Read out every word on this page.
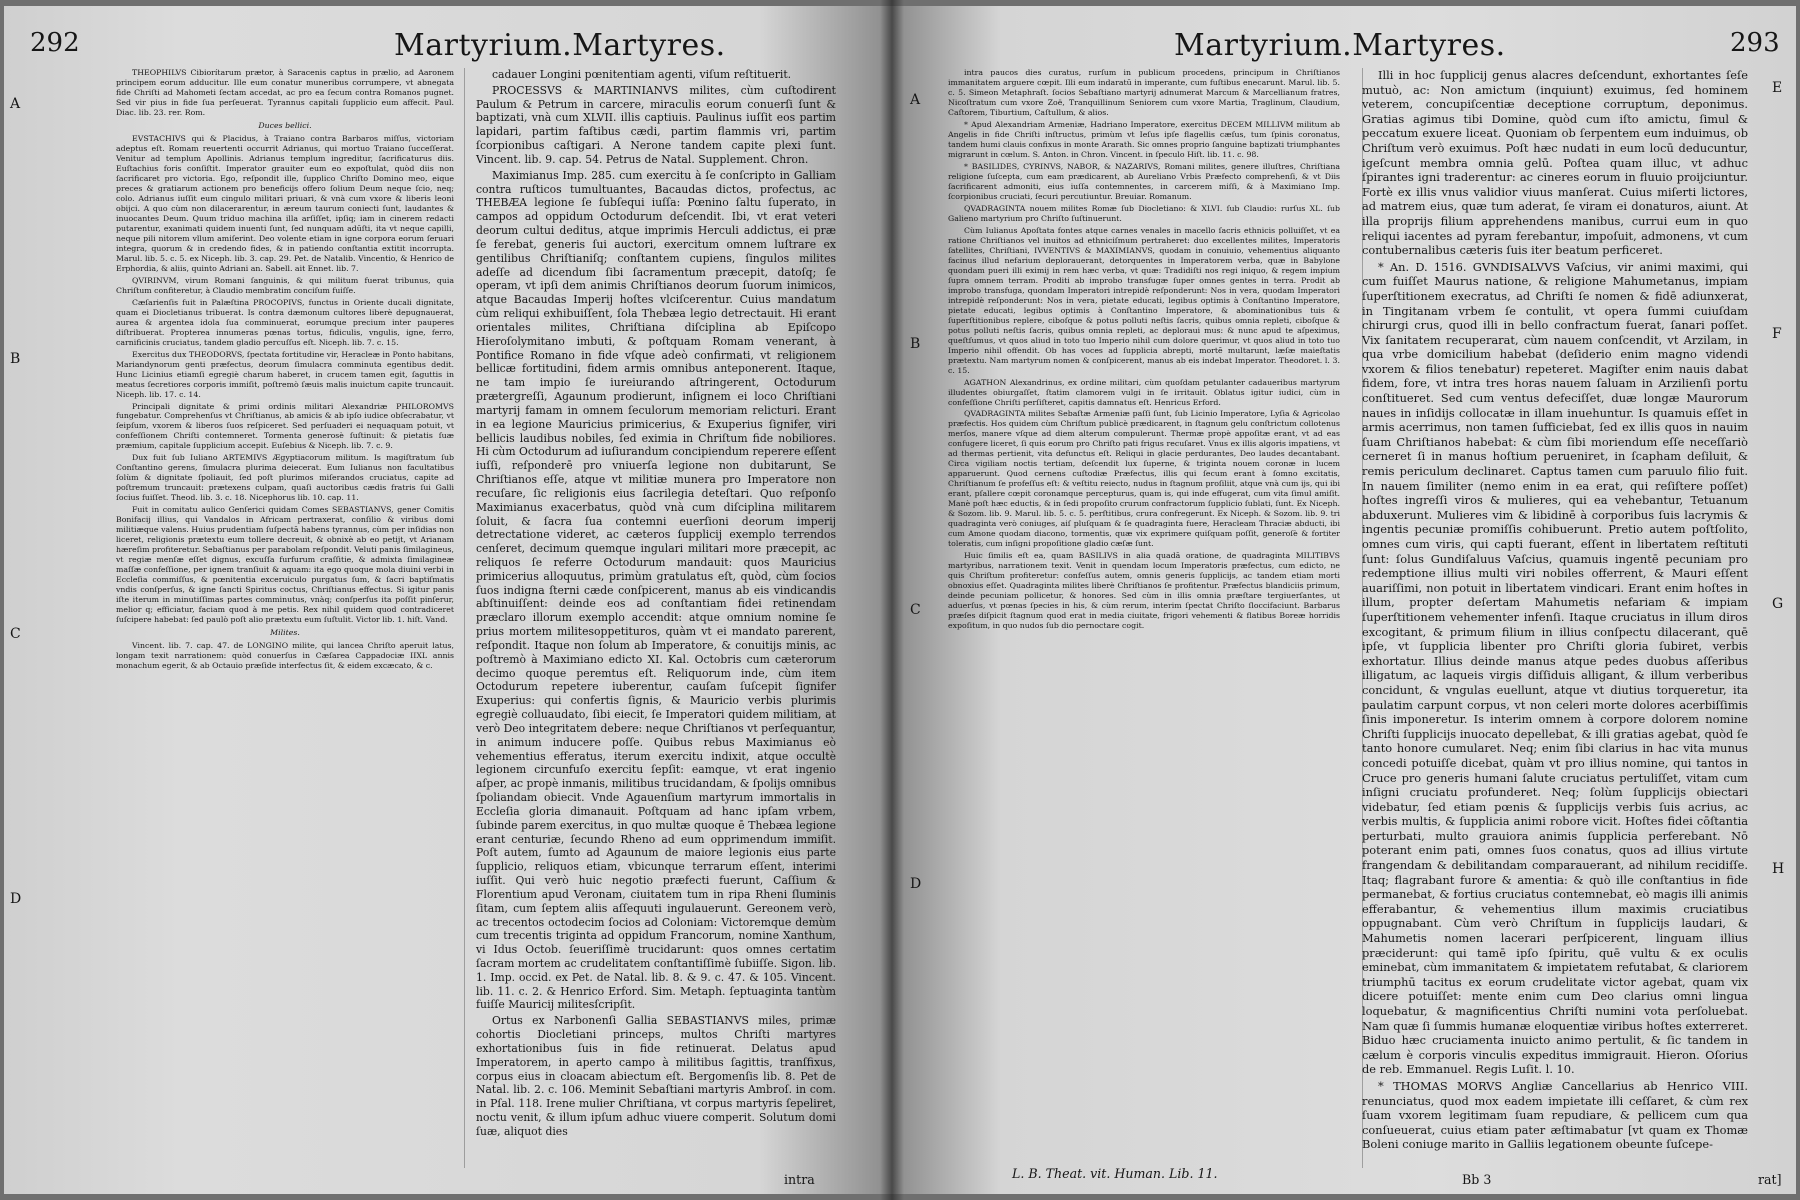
292	Martyrium.Martyres.
A
B
C
D

THEOPHILVS Cibiorítarum prætor, à Saracenis captus in prælio, ad Aaronem principem eorum adducitur. Ille eum conatur muneribus corrumpere, vt abnegata fide Chriſti ad Mahometi ſectam accedat, ac pro ea ſecum contra Romanos pugnet. Sed vir pius in fide ſua perſeuerat. Tyrannus capitali ſupplicio eum affecit. Paul. Diac. lib. 23. rer. Rom.

Duces bellici.

EVSTACHIVS qui & Placidus, à Traiano contra Barbaros miſſus, victoriam adeptus eſt. Romam reuertenti occurrit Adrianus, qui mortuo Traiano ſucceſſerat. Venitur ad templum Apollinis. Adrianus templum ingreditur, ſacrificaturus diis. Euſtachius foris conſiſtit. Imperator grauiter eum eo expoſtulat, quòd diis non ſacrificaret pro victoria. Ego, reſpondit ille, ſupplico Chriſto Domino meo, eique preces & gratiarum actionem pro beneficijs offero ſolium Deum neque ſcio, neq; colo. Adrianus iuſſit eum cingulo militari priuari, & vnà cum vxore & liberis leoni obijci. A quo cùm non dilacerarentur, in æreum taurum coniecti ſunt, laudantes & inuocantes Deum. Quum triduo machina illa arſiſſet, ipſiq; iam in cinerem redacti putarentur, exanimati quidem inuenti ſunt, ſed nunquam adūſti, ita vt neque capilli, neque pili nitorem vllum amiſerint. Deo volente etiam in igne corpora eorum ſeruari integra, quorum & in credendo fides, & in patiendo conſtantia extitit incorrupta. Marul. lib. 5. c. 5. ex Niceph. lib. 3. cap. 29. Pet. de Natalib. Vincentio, & Henrico de Erphordia, & aliis, quinto Adriani an. Sabell. ait Ennet. lib. 7.

QVIRINVM, virum Romani ſanguinis, & qui militum fuerat tribunus, quia Chriſtum confiteretur, à Claudio membratim conciſum fuiſſe.

Cæſarienſis fuit in Palæſtina PROCOPIVS, functus in Oriente ducali dignitate, quam ei Diocletianus tribuerat. Is contra dæmonum cultores liberè depugnauerat, aurea & argentea idola ſua comminuerat, eorumque precium inter pauperes diſtribuerat. Propterea innumeras pœnas tortus, fidiculis, vngulis, igne, ferro, carnificinis cruciatus, tandem gladio percuſſus eſt. Niceph. lib. 7. c. 15.

Exercitus dux THEODORVS, ſpectata fortitudine vir, Heracleæ in Ponto habitans, Mariandynorum genti præfectus, deorum ſimulacra comminuta egentibus dedit. Hunc Licinius etiamſi egregiè charum haberet, in crucem tamen egit, ſaguttis in meatus ſecretiores corporis immiſit, poſtremò ſæuis malis inuictum capite truncauit. Niceph. lib. 17. c. 14.

Principali dignitate & primi ordinis militari Alexandriæ PHILOROMVS fungebatur. Comprehenſus vt Chriſtianus, ab amicis & ab ipſo iudice obſecrabatur, vt ſeipſum, vxorem & liberos ſuos reſpiceret. Sed perſuaderi ei nequaquam potuit, vt confeſſionem Chriſti contemneret. Tormenta generosè ſuſtinuit: & pietatis ſuæ præmium, capitale ſupplicium accepit. Euſebius & Niceph. lib. 7. c. 9.

Dux fuit ſub Iuliano ARTEMIVS Ægyptiacorum militum. Is magiſtratum ſub Conſtantino gerens, ſimulacra plurima deiecerat. Eum Iulianus non facultatibus ſolùm & dignitate ſpoliauit, ſed poſt plurimos miſerandos cruciatus, capite ad poſtremum truncauit: prætexens culpam, quaſi auctoribus cædis fratris ſui Galli ſocius fuiſſet. Theod. lib. 3. c. 18. Nicephorus lib. 10. cap. 11.

Fuit in comitatu aulico Genſerici quidam Comes SEBASTIANVS, gener Comitis Bonifacij illius, qui Vandalos in Africam pertraxerat, conſilio & viribus domi militiæque valens. Huius prudentiam ſuſpectā habens tyrannus, cùm per inſidias non liceret, religionis prætextu eum tollere decreuit, & obnixè ab eo petijt, vt Arianam hæreſim profiteretur. Sebaſtianus per parabolam reſpondit. Veluti panis ſimilagineus, vt regiæ menſæ eſſet dignus, excuſſa furfurum craſſitie, & admixta ſimilagineæ maſſæ confeſſione, per ignem tranſiuit & aquam: ita ego quoque mola diuini verbi in Eccleſia commiſſus, & pœnitentia exceruiculo purgatus ſum, & ſacri baptiſmatis vndis conſperſus, & igne ſancti Spiritus coctus, Chriſtianus effectus. Si igitur panis iſte iterum in minutiſſimas partes comminutus, vnàq; conſperſus ita poſſit pinſerur, melior q; efficiatur, faciam quod à me petis. Rex nihil quidem quod contradiceret ſuſcipere habebat: ſed paulò poſt alio prætextu eum ſuſtulit. Victor lib. 1. hiſt. Vand.

Milites.

Vincent. lib. 7. cap. 47. de LONGINO milite, qui lancea Chriſto aperuit latus, longam texit narrationem: quòd conuerſus in Cæſarea Cappadociæ IIXL annis monachum egerit, & ab Octauio præſide interfectus ſit, & eidem excæcato, & c.

cadauer Longini pœnitentiam agenti, viſum reſtituerit.

PROCESSVS & MARTINIANVS milites, cùm cuſtodirent Paulum & Petrum in carcere, miraculis eorum conuerſi ſunt & baptizati, vnà cum XLVII. illis captiuis. Paulinus iuſſit eos partim lapidari, partim faſtibus cædi, partim flammis vri, partim ſcorpionibus caſtigari. A Nerone tandem capite plexi ſunt. Vincent. lib. 9. cap. 54. Petrus de Natal. Supplement. Chron.

Maximianus Imp. 285. cum exercitu à ſe conſcripto in Galliam contra ruſticos tumultuantes, Bacaudas dictos, profectus, ac THEBÆA legione ſe ſubſequi iuſſa: Pœnino ſaltu ſuperato, in campos ad oppidum Octodurum deſcendit. Ibi, vt erat veteri deorum cultui deditus, atque imprimis Herculi addictus, ei præ ſe ferebat, generis ſui auctori, exercitum omnem luſtrare ex gentilibus Chriſtianiſq; conſtantem cupiens, ſingulos milites adeſſe ad dicendum ſibi ſacramentum præcepit, datoſq; ſe operam, vt ipſi dem animis Chriſtianos deorum ſuorum inimicos, atque Bacaudas Imperij hoſtes vlciſcerentur. Cuius mandatum cùm reliqui exhibuiſſent, ſola Thebæa legio detrectauit. Hi erant orientales milites, Chriſtiana diſciplina ab Epiſcopo Hieroſolymitano imbuti, & poſtquam Romam venerant, à Pontifice Romano in fide vſque adeò confirmati, vt religionem bellicæ fortitudini, fidem armis omnibus anteponerent. Itaque, ne tam impio ſe iureiurando aſtringerent, Octodurum prætergreſſi, Agaunum prodierunt, inſignem ei loco Chriſtiani martyrij famam in omnem ſeculorum memoriam relicturi. Erant in ea legione Mauricius primicerius, & Exuperius ſignifer, viri bellicis laudibus nobiles, ſed eximia in Chriſtum fide nobiliores. Hi cùm Octodurum ad iuſiurandum concipiendum reperere eſſent iuſſi, reſponderē pro vniuerſa legione non dubitarunt, Se Chriſtianos eſſe, atque vt militiæ munera pro Imperatore non recuſare, ſic religionis eius ſacrilegia deteſtari. Quo reſponſo Maximianus exacerbatus, quòd vnà cum diſciplina militarem ſoluit, & ſacra ſua contemni euerſioni deorum imperij detrectatione videret, ac cæteros ſupplicij exemplo terrendos cenſeret, decimum quemque ingulari militari more præcepit, ac reliquos ſe referre Octodurum mandauit: quos Mauricius primicerius alloquutus, primùm gratulatus eſt, quòd, cùm ſocios ſuos indigna ſterni cæde conſpicerent, manus ab eis vindicandis abſtinuiſſent: deinde eos ad conſtantiam fidei retinendam præclaro illorum exemplo accendit: atque omnium nomine ſe prius mortem militesoppetituros, quàm vt ei mandato parerent, reſpondit. Itaque non ſolum ab Imperatore, & conuitijs minis, ac poſtremò à Maximiano edicto XI. Kal. Octobris cum cæterorum decimo quoque peremtus eſt. Reliquorum inde, cùm item Octodurum repetere iuberentur, cauſam ſuſcepit ſignifer Exuperius: qui confertis ſignis, & Mauricio verbis plurimis egregiè colluaudato, ſibi eiecit, ſe Imperatori quidem militiam, at verò Deo integritatem debere: neque Chriſtianos vt perſequantur, in animum inducere poſſe. Quibus rebus Maximianus eò vehementius efferatus, iterum exercitu indixit, atque occultè legionem circunfuſo exercitu ſepſit: eamque, vt erat ingenio aſper, ac propè inmanis, militibus trucidandam, & ſpolijs omnibus ſpoliandam obiecit. Vnde Agauenſium martyrum immortalis in Eccleſia gloria dimanauit. Poſtquam ad hanc ipſam vrbem, ſubinde parem exercitus, in quo multæ quoque ē Thebæa legione erant centuriæ, ſecundo Rheno ad eum opprimendum immiſit. Poſt autem, ſumto ad Agaunum de maiore legionis eius parte ſupplicio, reliquos etiam, vbicunque terrarum eſſent, interimi iuſſit. Qui verò huic negotio præfecti fuerunt, Caſſium & Florentium apud Veronam, ciuitatem tum in ripa Rheni ſluminis ſitam, cum ſeptem aliis aſſequuti ingulauerunt. Gereonem verò, ac trecentos octodecim ſocios ad Coloniam: Victoremque demùm cum trecentis triginta ad oppidum Francorum, nomine Xanthum, vi Idus Octob. ſeueriſſimè trucidarunt: quos omnes certatim ſacram mortem ac crudelitatem conſtantiſſimè ſubiiſſe. Sigon. lib. 1. Imp. occid. ex Pet. de Natal. lib. 8. & 9. c. 47. & 105. Vincent. lib. 11. c. 2. & Henrico Erford. Sim. Metaph. ſeptuaginta tantùm fuiſſe Mauricij militesſcripſit.

Ortus ex Narbonenſi Gallia SEBASTIANVS miles, primæ cohortis Diocletiani princeps, multos Chriſti martyres exhortationibus ſuis in fide retinuerat. Delatus apud Imperatorem, in aperto campo à militibus ſagittis, tranſfixus, corpus eius in cloacam abiectum eſt. Bergomenſis lib. 8. Pet de Natal. lib. 2. c. 106. Meminit Sebaſtiani martyris Ambroſ. in com. in Pſal. 118. Irene mulier Chriſtiana, vt corpus martyris ſepeliret, noctu venit, & illum ipſum adhuc viuere comperit. Solutum domi ſuæ, aliquot dies

intra
Martyrium.Martyres.	293
A
B
C
D
E
F
G
H

intra paucos dies curatus, rurſum in publicum procedens, principum in Chriſtianos immanitatem arguere cœpit. Illi eum indaratū in imperante, cum fuſtibus enecarunt. Marul. lib. 5. c. 5. Simeon Metaphraſt. ſocios Sebaſtiano martyrij adnumerat Marcum & Marcellianum fratres, Nicoſtratum cum vxore Zoë, Tranquillinum Seniorem cum vxore Martia, Traglinum, Claudium, Caſtorem, Tiburtium, Caſtullum, & alios.

* Apud Alexandriam Armeniæ, Hadriano Imperatore, exercitus DECEM MILLIVM militum ab Angelis in fide Chriſti inſtructus, primùm vt Ieſus ipſe flagellis cæſus, tum ſpinis coronatus, tandem humi clauis confixus in monte Ararath. Sic omnes proprio ſanguine baptizati triumphantes migrarunt in cœlum. S. Anton. in Chron. Vincent. in ſpeculo Hiſt. lib. 11. c. 98.

* BASILIDES, CYRINVS, NABOR, & NAZARIVS, Romani milites, genere illuſtres, Chriſtiana religione ſuſcepta, cum eam prædicarent, ab Aureliano Vrbis Præfecto comprehenſi, & vt Diis ſacrificarent admoniti, eius iuſſa contemnentes, in carcerem miſſi, & à Maximiano Imp. ſcorpionibus cruciati, ſecuri percutiuntur. Breuiar. Romanum.

QVADRAGINTA nouem milites Romæ ſub Diocletiano: & XLVI. ſub Claudio: rurſus XL. ſub Galieno martyrium pro Chriſto ſuſtinuerunt.

Cùm Iulianus Apoſtata fontes atque carnes venales in macello ſacris ethnicis polluiſſet, vt ea ratione Chriſtianos vel inuitos ad ethniciſmum pertraheret: duo excellentes milites, Imperatoris ſatellites, Chriſtiani, IVVENTIVS & MAXIMIANVS, quodam in conuiuio, vehementius aliquanto facinus illud nefarium deplorauerant, detorquentes in Imperatorem verba, quæ in Babylone quondam pueri illi eximij in rem hæc verba, vt quæ: Tradidiſti nos regi iniquo, & regem impium ſupra omnem terram. Proditi ab improbo transfugæ ſuper omnes gentes in terra. Prodit ab improbo transfuga, quondam Imperatori intrepidè reſponderunt: Nos in vera, quodam Imperatori intrepidè reſponderunt: Nos in vera, pietate educati, legibus optimis à Conſtantino Imperatore, pietate educati, legibus optimis à Conſtantino Imperatore, & abominationibus tuis & ſuperſtitionibus replere, ciboſque & potus polluti neſtis ſacris, quibus omnia repleti, ciboſque & potus polluti neſtis ſacris, quibus omnia repleti, ac deploraui mus: & nunc apud te aſpeximus, queſtſumus, vt quos aliud in toto tuo Imperio nihil cum dolore querimur, vt quos aliud in toto tuo Imperio nihil offendit. Ob has voces ad ſupplicia abrepti, mortē multarunt, læſæ maieſtatis prætextu. Nam martyrum nomen & conſpicerent, manus ab eis indebat Imperator. Theodoret. l. 3. c. 15.

AGATHON Alexandrinus, ex ordine militari, cùm quoſdam petulanter cadaueribus martyrum illudentes obiurgaſſet, ſtatim clamorem vulgi in ſe irritauit. Oblatus igitur iudici, cùm in confeſſione Chriſti perſiſteret, capitis damnatus eſt. Henricus Erford.

QVADRAGINTA milites Sebaſtæ Armeniæ paſſi ſunt, ſub Licinio Imperatore, Lyſia & Agricolao præfectis. Hos quidem cùm Chriſtum publicè prædicarent, in ſtagnum gelu conſtrictum collotenus merſos, manere vſque ad diem alterum compulerunt. Thermæ propè appoſitæ erant, vt ad eas confugere liceret, ſi quis eorum pro Chriſto pati frigus recuſaret. Vnus ex illis algoris impatiens, vt ad thermas pertienit, vita defunctus eſt. Reliqui in glacie perdurantes, Deo laudes decantabant. Circa vigiliam noctis tertiam, deſcendit lux ſuperne, & triginta nouem coronæ in lucem apparuerunt. Quod cernens cuſtodiæ Præfectus, illis qui ſecum erant à ſomno excitatis, Chriſtianum ſe profeſſus eſt: & veſtitu reiecto, nudus in ſtagnum proſiliit, atque vnà cum ijs, qui ibi erant, pſallere cœpit coronamque percepturus, quam is, qui inde effugerat, cum vita ſimul amiſit. Manè poſt hæc eductis, & in ſedi propoſito crurum confractorum ſupplicio ſublati, ſunt. Ex Niceph. & Sozom. lib. 9. Marul. lib. 5. c. 5. perſtitibus, crura confregerunt. Ex Niceph. & Sozom. lib. 9. tri quadraginta verò coniuges, aiſ pluſquam & ſe quadraginta fuere, Heracleam Thraciæ abducti, ibi cum Amone quodam diacono, tormentis, quæ vix exprimere quiſquam poſſit, generoſè & fortiter toleratis, cum inſigni propoſitione gladio cæſæ ſunt.

Huic ſimilis eſt ea, quam BASILIVS in alia quadā oratione, de quadraginta MILITIBVS martyribus, narrationem texit. Venit in quendam locum Imperatoris præfectus, cum edicto, ne quis Chriſtum profiteretur: confeſſus autem, omnis generis ſupplicijs, ac tandem etiam morti obnoxius eſſet. Quadraginta milites liberè Chriſtianos ſe profitentur. Præfectus blandiciis primum, deinde pecuniam pollicetur, & honores. Sed cùm in illis omnia præſtare tergiuerſantes, ut aduerſus, vt pœnas ſpecies in his, & cùm rerum, interim ſpectat Chriſto ſloccifaciunt. Barbarus præſes diſpicit ſtagnum quod erat in media ciuitate, frigori vehementi & flatibus Boreæ horridis expoſitum, in quo nudos ſub dio pernoctare cogit.

Illi in hoc ſupplicij genus alacres deſcendunt, exhortantes ſeſe mutuò, ac: Non amictum (inquiunt) exuimus, ſed hominem veterem, concupiſcentiæ deceptione corruptum, deponimus. Gratias agimus tibi Domine, quòd cum iſto amictu, ſimul & peccatum exuere liceat. Quoniam ob ſerpentem eum induimus, ob Chriſtum verò exuimus. Poſt hæc nudati in eum locū deducuntur, igeſcunt membra omnia gelū. Poſtea quam illuc, vt adhuc ſpirantes igni traderentur: ac cineres eorum in fluuio proijciuntur. Fortè ex illis vnus validior viuus manſerat. Cuius miſerti lictores, ad matrem eius, quæ tum aderat, ſe viram ei donaturos, aiunt. At illa proprijs filium apprehendens manibus, currui eum in quo reliqui iacentes ad pyram ferebantur, impoſuit, admonens, vt cum contubernalibus cæteris ſuis iter beatum perficeret.

* An. D. 1516. GVNDISALVVS Vaſcius, vir animi maximi, qui cum fuiſſet Maurus natione, & religione Mahumetanus, impiam ſuperſtitionem execratus, ad Chriſti ſe nomen & fidē adiunxerat, in Tingitanam vrbem ſe contulit, vt opera ſummi cuiuſdam chirurgi crus, quod illi in bello confractum fuerat, ſanari poſſet. Vix ſanitatem recuperarat, cùm nauem conſcendit, vt Arzilam, in qua vrbe domicilium habebat (deſiderio enim magno videndi vxorem & filios tenebatur) repeteret. Magiſter enim nauis dabat fidem, fore, vt intra tres horas nauem ſaluam in Arzilienſi portu conſtitueret. Sed cum ventus defeciſſet, duæ longæ Maurorum naues in inſidijs collocatæ in illam inuehuntur. Is quamuis eſſet in armis acerrimus, non tamen ſufficiebat, ſed ex illis quos in nauim ſuam Chriſtianos habebat: & cùm ſibi moriendum eſſe neceſſariò cerneret ſi in manus hoſtium perueniret, in ſcapham deſiluit, & remis periculum declinaret. Captus tamen cum paruulo filio fuit. In nauem ſimiliter (nemo enim in ea erat, qui reſiſtere poſſet) hoſtes ingreſſi viros & mulieres, qui ea vehebantur, Tetuanum abduxerunt. Mulieres vim & libidinē à corporibus ſuis lacrymis & ingentis pecuniæ promiſſis cohibuerunt. Pretio autem poſtſolito, omnes cum viris, qui capti fuerant, eſſent in libertatem reſtituti ſunt: ſolus Gundiſaluus Vaſcius, quamuis ingentē pecuniam pro redemptione illius multi viri nobiles offerrent, & Mauri eſſent auariſſimi, non potuit in libertatem vindicari. Erant enim hoſtes in illum, propter deſertam Mahumetis nefariam & impiam ſuperſtitionem vehementer infenſi. Itaque cruciatus in illum diros excogitant, & primum filium in illius conſpectu dilacerant, quē ipſe, vt ſupplicia libenter pro Chriſti gloria ſubiret, verbis exhortatur. Illius deinde manus atque pedes duobus aſſeribus illigatum, ac laqueis virgis diſſiduis alligant, & illum verberibus concidunt, & vngulas euellunt, atque vt diutius torqueretur, ita paulatim carpunt corpus, vt non celeri morte dolores acerbiſſimis ſinis imponeretur. Is interim omnem à corpore dolorem nomine Chriſti ſupplicijs inuocato depellebat, & illi gratias agebat, quòd ſe tanto honore cumularet. Neq; enim ſibi clarius in hac vita munus concedi potuiſſe dicebat, quàm vt pro illius nomine, qui tantos in Cruce pro generis humani ſalute cruciatus pertuliſſet, vitam cum inſigni cruciatu profunderet. Neq; ſolùm ſupplicijs obiectari videbatur, ſed etiam pœnis & ſupplicijs verbis ſuis acrius, ac verbis multis, & ſupplicia animi robore vicit. Hoſtes fidei cōſtantia perturbati, multo grauiora animis ſupplicia perferebant. Nō poterant enim pati, omnes ſuos conatus, quos ad illius virtute frangendam & debilitandam comparauerant, ad nihilum recidiſſe. Itaq; flagrabant furore & amentia: & quò ille conſtantius in fide permanebat, & fortius cruciatus contemnebat, eò magis illi animis efferabantur, & vehementius illum maximis cruciatibus oppugnabant. Cùm verò Chriſtum in ſupplicijs laudari, & Mahumetis nomen lacerari perſpicerent, linguam illius præciderunt: qui tamē ipſo ſpiritu, quē vultu & ex oculis eminebat, cùm immanitatem & impietatem refutabat, & clariorem triumphū tacitus ex eorum crudelitate victor agebat, quam vix dicere potuiſſet: mente enim cum Deo clarius omni lingua loquebatur, & magnificentius Chriſti numini vota perſoluebat. Nam quæ ſi ſummis humanæ eloquentiæ viribus hoſtes exterreret. Biduo hæc cruciamenta inuicto animo pertulit, & ſic tandem in cælum è corporis vinculis expeditus immigrauit. Hieron. Oſorius de reb. Emmanuel. Regis Luſit. l. 10.

* THOMAS MORVS Angliæ Cancellarius ab Henrico VIII. renunciatus, quod mox eadem impietate illi ceſſaret, & cùm rex ſuam vxorem legitimam ſuam repudiare, & pellicem cum qua conſueuerat, cuius etiam pater æſtimabatur [vt quam ex Thomæ Boleni coniuge marito in Galliis legationem obeunte ſuſcepe-

L. B. Theat. vit. Human. Lib. 11.	Bb 3	rat]
